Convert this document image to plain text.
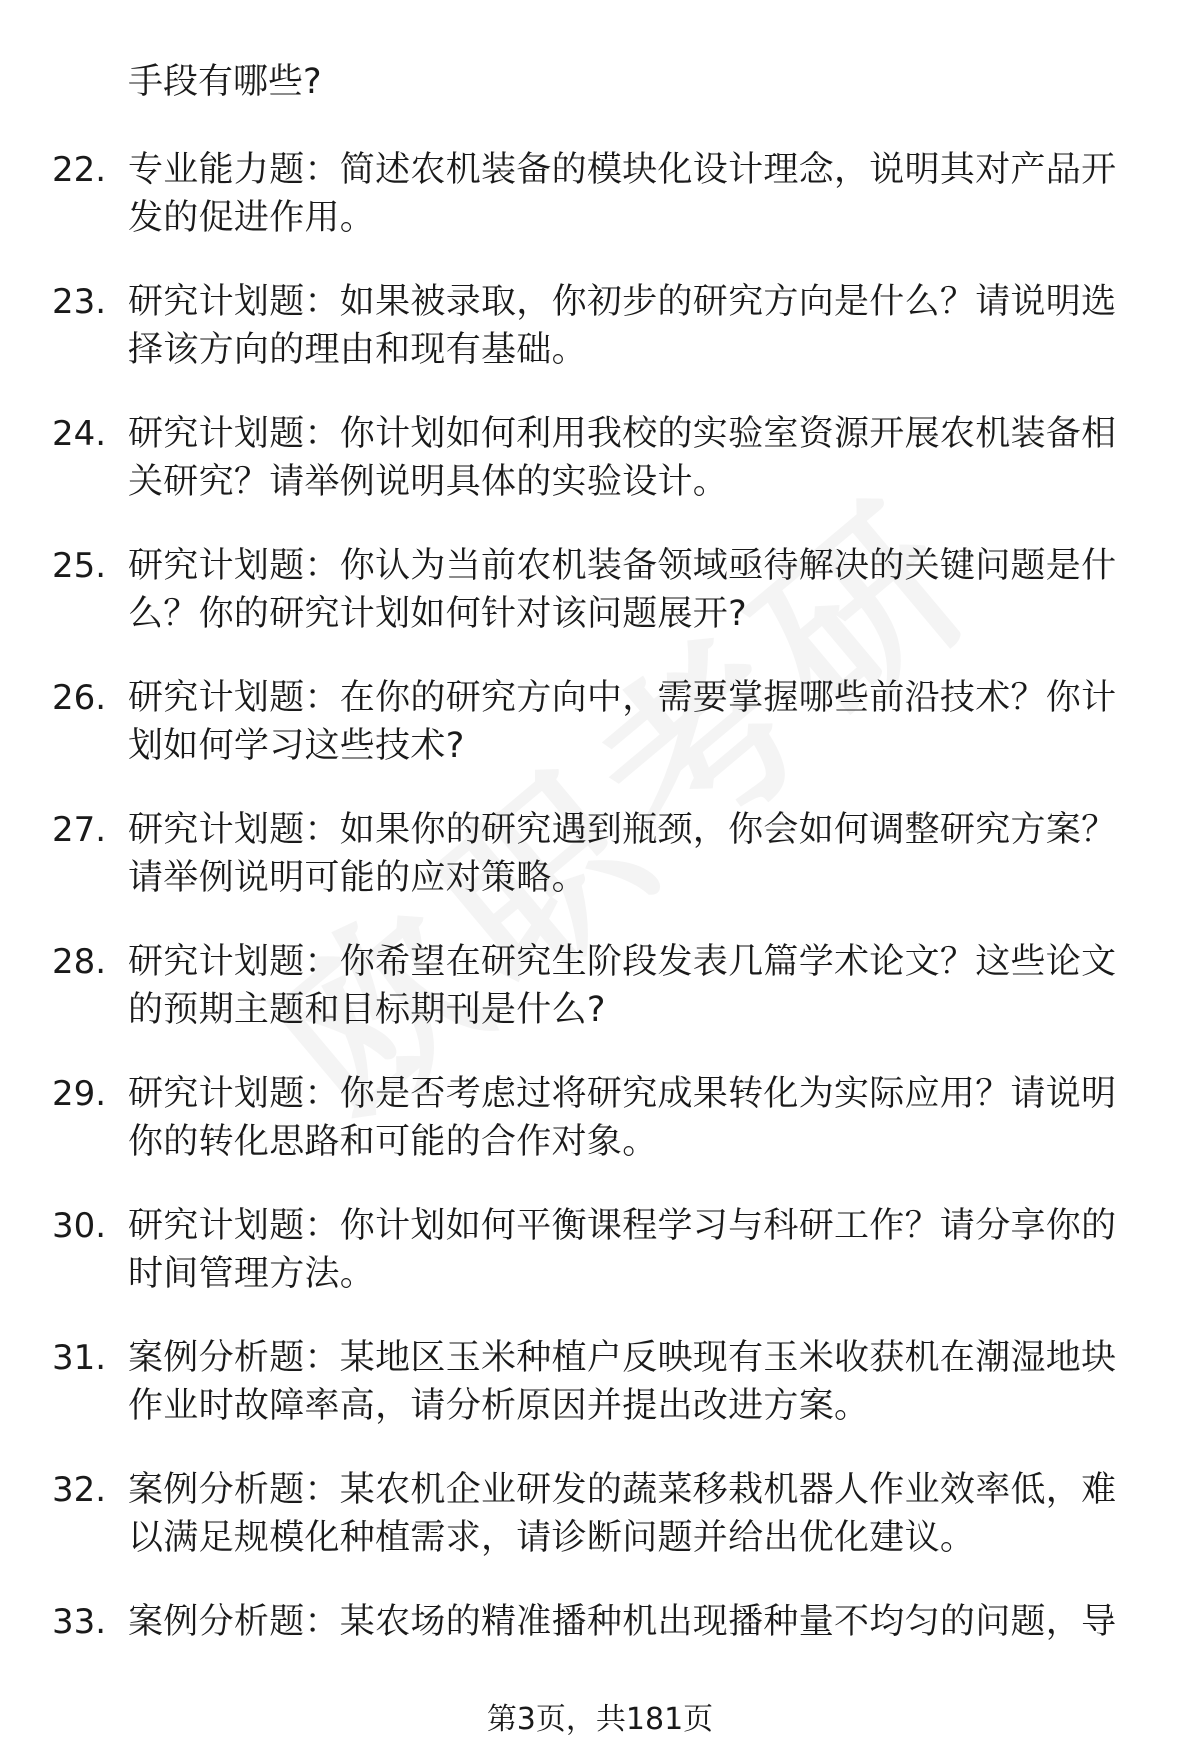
手段有哪些?
22. 专业能力题：简述农机装备的模块化设计理念，说明其对产品开发的促进作用。
23. 研究计划题：如果被录取，你初步的研究方向是什么？请说明选择该方向的理由和现有基础。
24. 研究计划题：你计划如何利用我校的实验室资源开展农机装备相关研究？请举例说明具体的实验设计。
25. 研究计划题：你认为当前农机装备领域亟待解决的关键问题是什么？你的研究计划如何针对该问题展开?
26. 研究计划题：在你的研究方向中，需要掌握哪些前沿技术？你计划如何学习这些技术?
27. 研究计划题：如果你的研究遇到瓶颈，你会如何调整研究方案？请举例说明可能的应对策略。
28. 研究计划题：你希望在研究生阶段发表几篇学术论文？这些论文的预期主题和目标期刊是什么?
29. 研究计划题：你是否考虑过将研究成果转化为实际应用？请说明你的转化思路和可能的合作对象。
30. 研究计划题：你计划如何平衡课程学习与科研工作？请分享你的时间管理方法。
31. 案例分析题：某地区玉米种植户反映现有玉米收获机在潮湿地块作业时故障率高，请分析原因并提出改进方案。
32. 案例分析题：某农机企业研发的蔬菜移栽机器人作业效率低，难以满足规模化种植需求，请诊断问题并给出优化建议。
33. 案例分析题：某农场的精准播种机出现播种量不均匀的问题，导
第3页，共181页
